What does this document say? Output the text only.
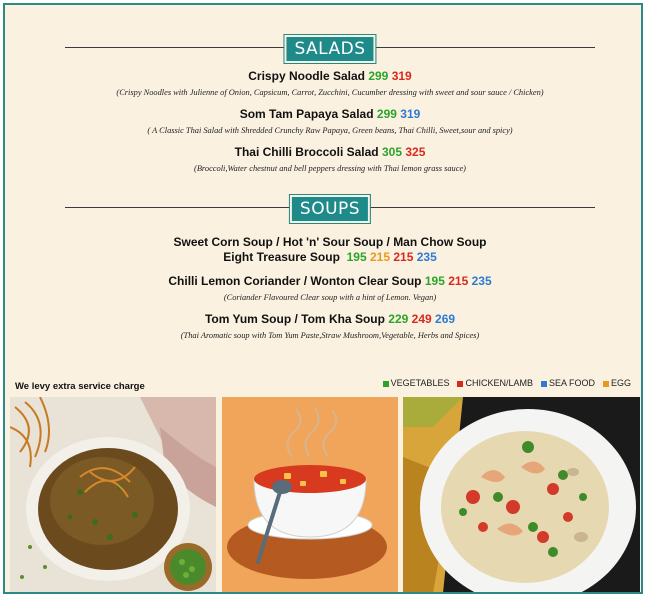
SALADS
Crispy Noodle Salad 299 319
(Crispy Noodles with Julienne of Onion, Capsicum, Carrot, Zucchini, Cucumber dressing with sweet and sour sauce / Chicken)
Som Tam Papaya Salad 299 319
( A Classic Thai Salad with Shredded Crunchy Raw Papaya, Green beans, Thai Chilli, Sweet,sour and spicy)
Thai Chilli Broccoli Salad 305 325
(Broccoli,Water chestnut and bell peppers dressing with Thai lemon grass sauce)
SOUPS
Sweet Corn Soup / Hot 'n' Sour Soup / Man Chow Soup
Eight Treasure Soup 195 215 215 235
Chilli Lemon Coriander / Wonton Clear Soup 195 215 235
(Coriander Flavoured Clear soup with a hint of Lemon. Vegan)
Tom Yum Soup / Tom Kha Soup 229 249 269
(Thai Aromatic soup with Tom Yum Paste,Straw Mushroom,Vegetable, Herbs and Spices)
We levy extra service charge	VEGETABLES	CHICKEN/LAMB	SEA FOOD	EGG
